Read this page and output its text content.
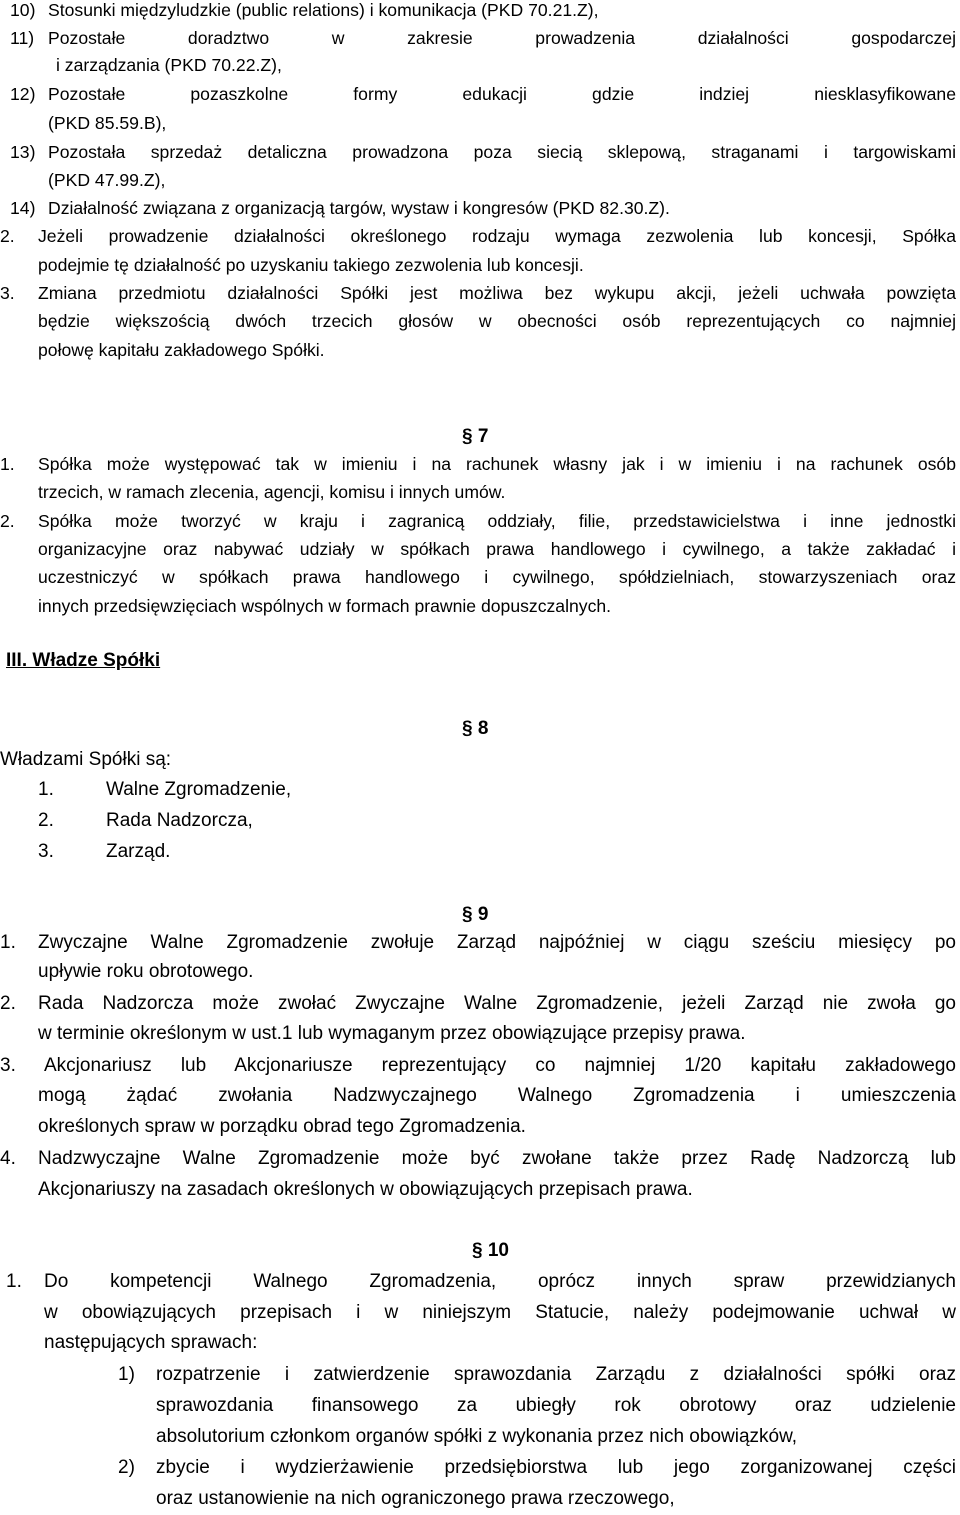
10) Stosunki międzyludzkie (public relations) i komunikacja (PKD 70.21.Z),
11) Pozostałe doradztwo w zakresie prowadzenia działalności gospodarczej
i zarządzania (PKD 70.22.Z),
12) Pozostałe pozaszkolne formy edukacji gdzie indziej niesklasyfikowane
(PKD 85.59.B),
13) Pozostała sprzedaż detaliczna prowadzona poza siecią sklepową, straganami i targowiskami
(PKD 47.99.Z),
14) Działalność związana z organizacją targów, wystaw i kongresów (PKD 82.30.Z).
2. Jeżeli prowadzenie działalności określonego rodzaju wymaga zezwolenia lub koncesji, Spółka
podejmie tę działalność po uzyskaniu takiego zezwolenia lub koncesji.
3. Zmiana przedmiotu działalności Spółki jest możliwa bez wykupu akcji, jeżeli uchwała powzięta
będzie większością dwóch trzecich głosów w obecności osób reprezentujących co najmniej
połowę kapitału zakładowego Spółki.
§ 7
1. Spółka może występować tak w imieniu i na rachunek własny jak i w imieniu i na rachunek osób
trzecich, w ramach zlecenia, agencji, komisu i innych umów.
2. Spółka może tworzyć w kraju i zagranicą oddziały, filie, przedstawicielstwa i inne jednostki
organizacyjne oraz nabywać udziały w spółkach prawa handlowego i cywilnego, a także zakładać i
uczestniczyć w spółkach prawa handlowego i cywilnego, spółdzielniach, stowarzyszeniach oraz
innych przedsięwzięciach wspólnych w formach prawnie dopuszczalnych.
III. Władze Spółki
§ 8
Władzami Spółki są:
1.	Walne Zgromadzenie,
2.	Rada Nadzorcza,
3.	Zarząd.
§ 9
1. Zwyczajne Walne Zgromadzenie zwołuje Zarząd najpóźniej w ciągu sześciu miesięcy po
upływie roku obrotowego.
2. Rada Nadzorcza może zwołać Zwyczajne Walne Zgromadzenie, jeżeli Zarząd nie zwoła go
w terminie określonym w ust.1 lub wymaganym przez obowiązujące przepisy prawa.
3. Akcjonariusz lub Akcjonariusze reprezentujący co najmniej 1/20 kapitału zakładowego
mogą żądać zwołania Nadzwyczajnego Walnego Zgromadzenia i umieszczenia
określonych spraw w porządku obrad tego Zgromadzenia.
4. Nadzwyczajne Walne Zgromadzenie może być zwołane także przez Radę Nadzorczą lub
Akcjonariuszy na zasadach określonych w obowiązujących przepisach prawa.
§ 10
1. Do kompetencji Walnego Zgromadzenia, oprócz innych spraw przewidzianych
w obowiązujących przepisach i w niniejszym Statucie, należy podejmowanie uchwał w
następujących sprawach:
1) rozpatrzenie i zatwierdzenie sprawozdania Zarządu z działalności spółki oraz
sprawozdania finansowego za ubiegły rok obrotowy oraz udzielenie
absolutorium członkom organów spółki z wykonania przez nich obowiązków,
2) zbycie i wydzierżawienie przedsiębiorstwa lub jego zorganizowanej części
oraz ustanowienie na nich ograniczonego prawa rzeczowego,
